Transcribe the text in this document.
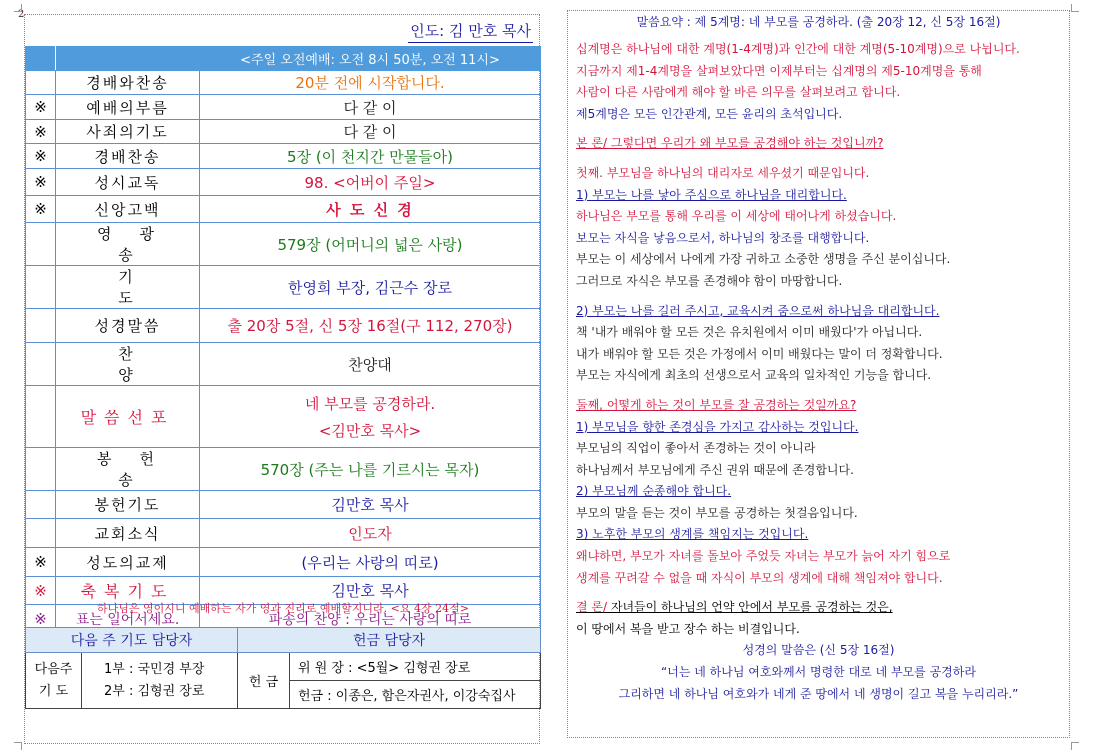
2
인도: 김 만호 목사
		<주일 오전예배: 오전 8시 50분, 오전 11시>
	경배와찬송	20분 전에 시작합니다.

※	예배의부름	다 같 이

※	사죄의기도	다 같 이

※	경배찬송	5장 (이 천지간 만물들아)

※	성시교독	98. <어버이 주일>

※	신앙고백	사 도 신 경

	영광송	579장 (어머니의 넓은 사랑)

	기도	한영희 부장, 김근수 장로

	성경말씀	출 20장 5절, 신 5장 16절(구 112, 270장)

	찬양	찬양대

	말씀선포	네 부모를 공경하라.
<김만호 목사>

	봉헌송	570장 (주는 나를 기르시는 목자)

	봉헌기도	김만호 목사

	교회소식	인도자

※	성도의교제	(우리는 사랑의 띠로)

※	축복기도	김만호 목사

※	표는 일어서세요.	파송의 찬양 : 우리는 사랑의 띠로
하나님은 영이시니 예배하는 자가 영과 진리로 예배할지니라. <요 4장 24절>
다음 주 기도 담당자		헌금 담당자	
다음주
기 도	1부 : 국민경 부장
2부 : 김형권 장로	헌 금	위 원 장 : <5월> 김형권 장로
			헌금 : 이종은, 함은자권사, 이강숙집사
말씀요약 : 제 5계명: 네 부모를 공경하라. (출 20장 12, 신 5장 16절)
십계명은 하나님에 대한 계명(1-4계명)과 인간에 대한 계명(5-10계명)으로 나뉩니다.
지금까지 제1-4계명을 살펴보았다면 이제부터는 십계명의 제5-10계명을 통해
사람이 다른 사람에게 해야 할 바른 의무를 살펴보려고 합니다.
제5계명은 모든 인간관계, 모든 윤리의 초석입니다.
본 론/ 그렇다면 우리가 왜 부모를 공경해야 하는 것입니까?
첫째. 부모님을 하나님의 대리자로 세우셨기 때문입니다.
1) 부모는 나를 낳아 주심으로 하나님을 대리합니다.
하나님은 부모를 통해 우리를 이 세상에 태어나게 하셨습니다.
보모는 자식을 낳음으로서, 하나님의 창조를 대행합니다.
부모는 이 세상에서 나에게 가장 귀하고 소중한 생명을 주신 분이십니다.
그러므로 자식은 부모를 존경해야 함이 마땅합니다.
2) 부모는 나를 길러 주시고, 교육시켜 줌으로써 하나님을 대리합니다.
책 '내가 배워야 할 모든 것은 유치원에서 이미 배웠다'가 아닙니다.
내가 배워야 할 모든 것은 가정에서 이미 배웠다는 말이 더 정확합니다.
부모는 자식에게 최초의 선생으로서 교육의 일차적인 기능을 합니다.
둘째, 어떻게 하는 것이 부모를 잘 공경하는 것일까요?
1) 부모님을 향한 존경심을 가지고 감사하는 것입니다.
부모님의 직업이 좋아서 존경하는 것이 아니라
하나님께서 부모님에게 주신 권위 때문에 존경합니다.
2) 부모님께 순종해야 합니다.
부모의 말을 듣는 것이 부모를 공경하는 첫걸음입니다.
3) 노후한 부모의 생계를 책임지는 것입니다.
왜냐하면, 부모가 자녀를 돌보아 주었듯 자녀는 부모가 늙어 자기 힘으로
생계를 꾸려갈 수 없을 때 자식이 부모의 생계에 대해 책임져야 합니다.
결 론/ 자녀들이 하나님의 언약 안에서 부모를 공경하는 것은,
이 땅에서 복을 받고 장수 하는 비결입니다.
성경의 말씀은 (신 5장 16절)
“너는 네 하나님 여호와께서 명령한 대로 네 부모를 공경하라
그리하면 네 하나님 여호와가 네게 준 땅에서 네 생명이 길고 복을 누리리라.”
